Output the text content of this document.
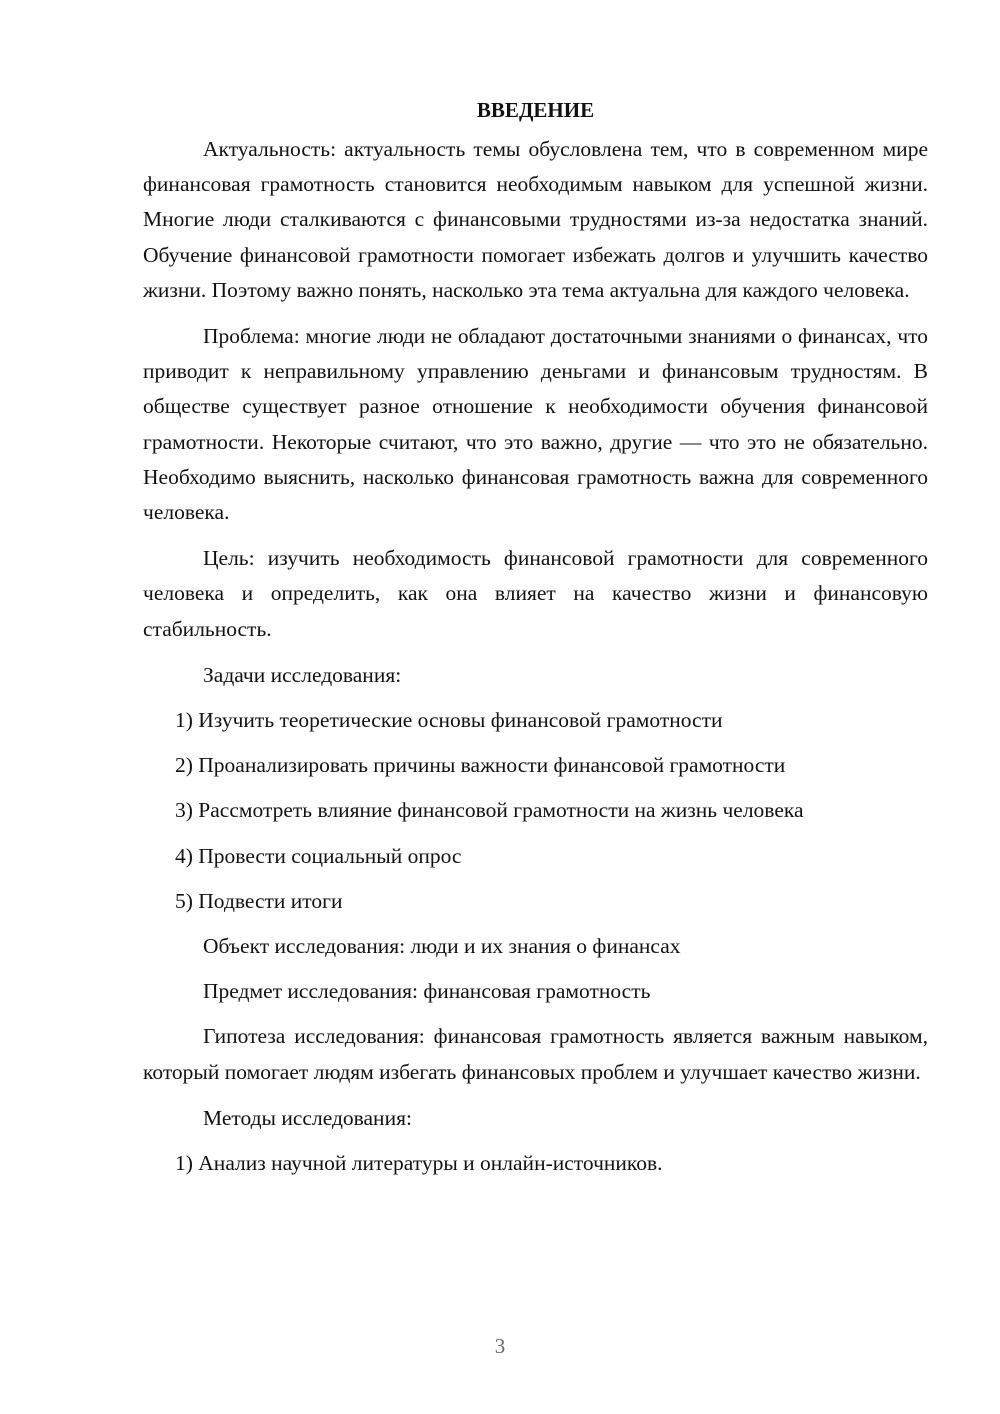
ВВЕДЕНИЕ

Актуальность: актуальность темы обусловлена тем, что в современном мире финансовая грамотность становится необходимым навыком для успешной жизни. Многие люди сталкиваются с финансовыми трудностями из-за недостатка знаний. Обучение финансовой грамотности помогает избежать долгов и улучшить качество жизни. Поэтому важно понять, насколько эта тема актуальна для каждого человека.

Проблема: многие люди не обладают достаточными знаниями о финансах, что приводит к неправильному управлению деньгами и финансовым трудностям. В обществе существует разное отношение к необходимости обучения финансовой грамотности. Некоторые считают, что это важно, другие — что это не обязательно. Необходимо выяснить, насколько финансовая грамотность важна для современного человека.

Цель: изучить необходимость финансовой грамотности для современного человека и определить, как она влияет на качество жизни и финансовую стабильность.

Задачи исследования:
1) Изучить теоретические основы финансовой грамотности
2) Проанализировать причины важности финансовой грамотности
3) Рассмотреть влияние финансовой грамотности на жизнь человека
4) Провести социальный опрос
5) Подвести итоги
Объект исследования: люди и их знания о финансах
Предмет исследования: финансовая грамотность

Гипотеза исследования: финансовая грамотность является важным навыком, который помогает людям избегать финансовых проблем и улучшает качество жизни.

Методы исследования:
1) Анализ научной литературы и онлайн-источников.
3
